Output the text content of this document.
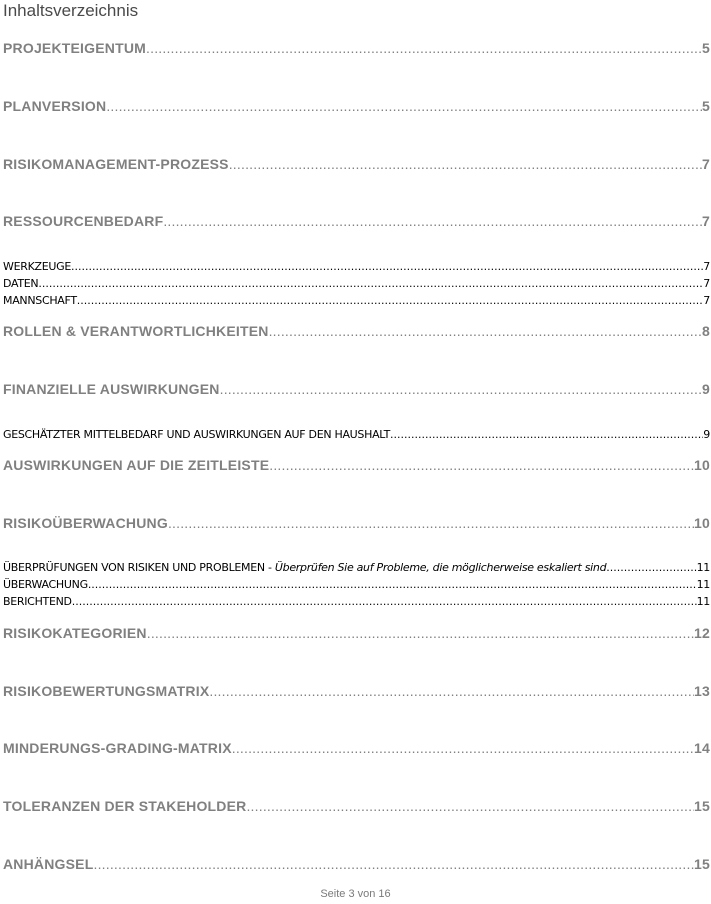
Inhaltsverzeichnis
PROJEKTEIGENTUM .....	5
PLANVERSION .....	5
RISIKOMANAGEMENT-PROZESS .....	7
RESSOURCENBEDARF .....	7
WERKZEUGE .....	7
DATEN .....	7
MANNSCHAFT .....	7
ROLLEN & VERANTWORTLICHKEITEN .....	8
FINANZIELLE AUSWIRKUNGEN .....	9
GESCHÄTZTER MITTELBEDARF UND AUSWIRKUNGEN AUF DEN HAUSHALT .....	9
AUSWIRKUNGEN AUF DIE ZEITLEISTE .....	10
RISIKOÜBERWACHUNG .....	10
ÜBERPRÜFUNGEN VON RISIKEN UND PROBLEMEN - Überprüfen Sie auf Probleme, die möglicherweise eskaliert sind .....	11
ÜBERWACHUNG .....	11
BERICHTEND .....	11
RISIKOKATEGORIEN .....	12
RISIKOBEWERTUNGSMATRIX .....	13
MINDERUNGS-GRADING-MATRIX .....	14
TOLERANZEN DER STAKEHOLDER .....	15
ANHÄNGSEL .....	15
Seite 3 von 16
